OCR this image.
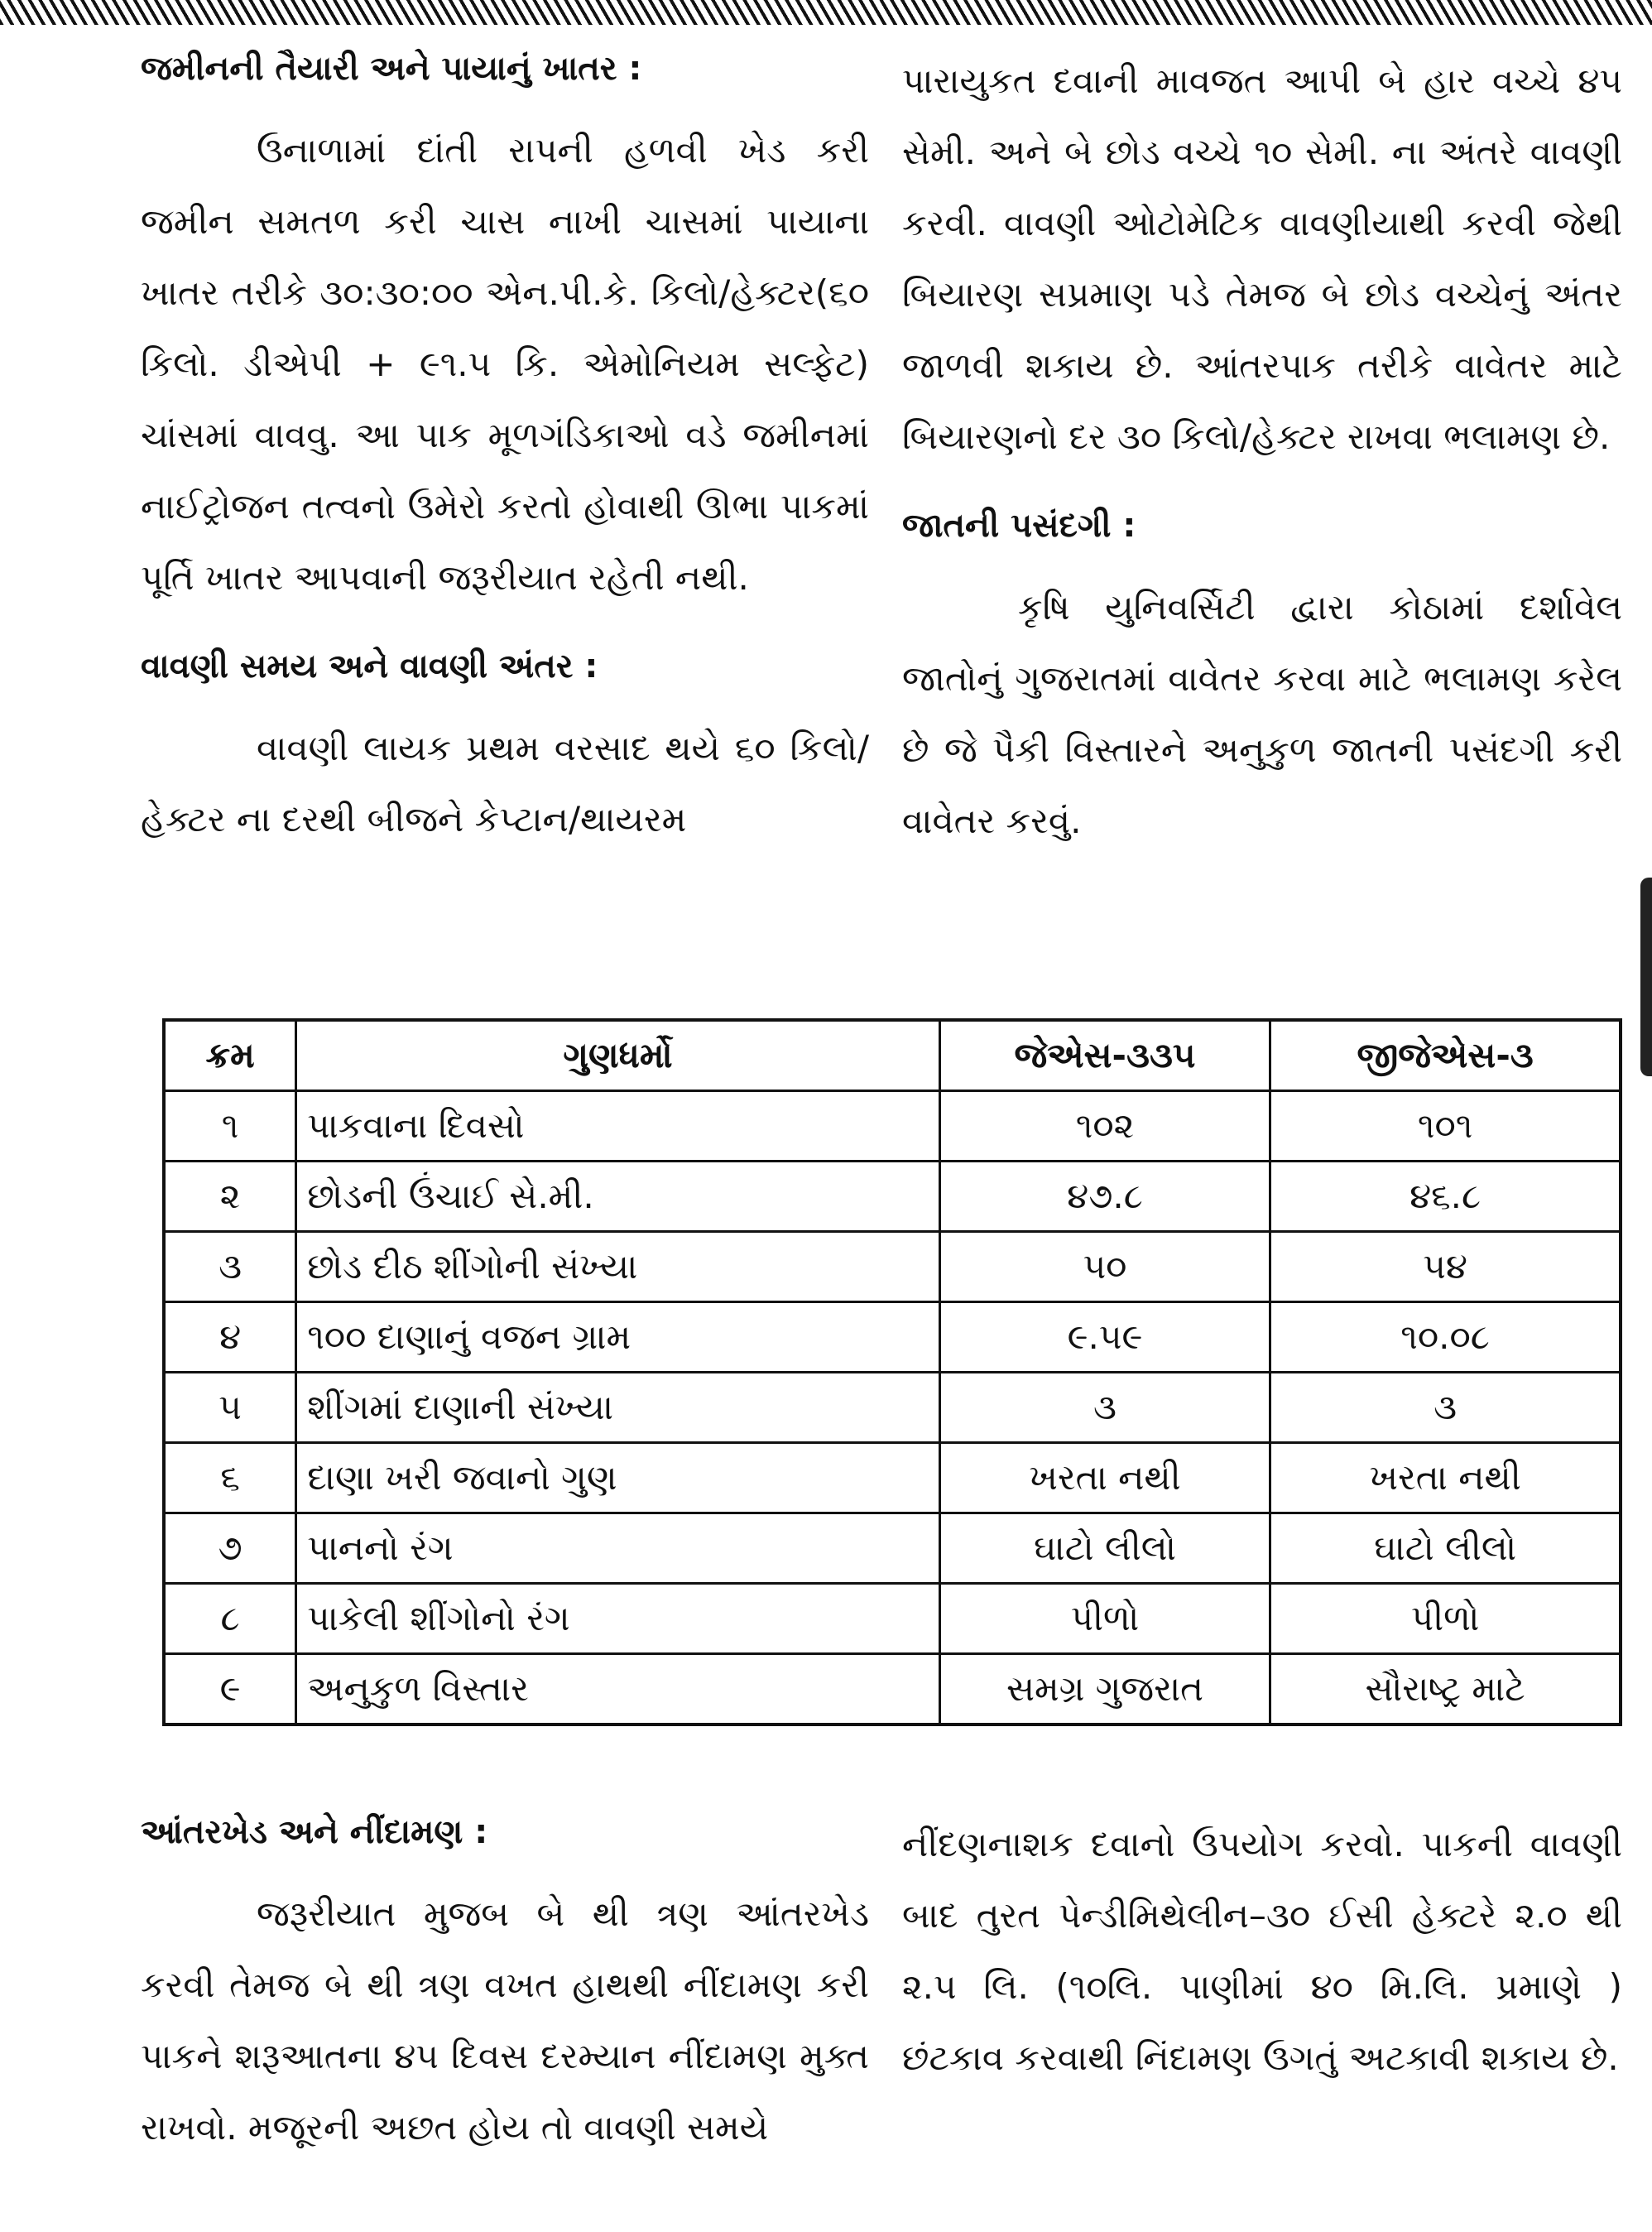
જમીનની તૈયારી અને પાયાનું ખાતર :

ઉનાળામાં દાંતી રાપની હળવી ખેડ કરી જમીન સમતળ કરી ચાસ નાખી ચાસમાં પાયાના ખાતર તરીકે ૩૦:૩૦:૦૦ એન.પી.કે. કિલો/હેક્ટર(૬૦ કિલો. ડીએપી + ૯૧.૫ કિ. એમોનિયમ સલ્ફેટ) ચાંસમાં વાવવુ. આ પાક મૂળગંડિકાઓ વડે જમીનમાં નાઈટ્રોજન તત્વનો ઉમેરો કરતો હોવાથી ઊભા પાકમાં પૂર્તિ ખાતર આપવાની જરૂરીયાત રહેતી નથી.

વાવણી સમય અને વાવણી અંતર :

વાવણી લાયક પ્રથમ વરસાદ થયે ૬૦ કિલો/હેક્ટર ના દરથી બીજને કેપ્ટાન/થાયરમ

પારાયુકત દવાની માવજત આપી બે હાર વચ્ચે ૪૫ સેમી. અને બે છોડ વચ્ચે ૧૦ સેમી. ના અંતરે વાવણી કરવી. વાવણી ઓટોમેટિક વાવણીયાથી કરવી જેથી બિયારણ સપ્રમાણ પડે તેમજ બે છોડ વચ્ચેનું અંતર જાળવી શકાય છે. આંતરપાક તરીકે વાવેતર માટે બિયારણનો દર ૩૦ કિલો/હેક્ટર રાખવા ભલામણ છે.

જાતની પસંદગી :

કૃષિ યુનિવર્સિટી દ્વારા કોઠામાં દર્શાવેલ જાતોનું ગુજરાતમાં વાવેતર કરવા માટે ભલામણ કરેલ છે જે પૈકી વિસ્તારને અનુકુળ જાતની પસંદગી કરી વાવેતર કરવું.

ક્રમ	ગુણધર્મો	જેએસ-૩૩૫	જીજેએસ-૩
૧	પાકવાના દિવસો	૧૦૨	૧૦૧
૨	છોડની ઉંચાઈ સે.મી.	૪૭.૮	૪૬.૮
૩	છોડ દીઠ શીંગોની સંખ્યા	૫૦	૫૪
૪	૧૦૦ દાણાનું વજન ગ્રામ	૯.૫૯	૧૦.૦૮
૫	શીંગમાં દાણાની સંખ્યા	૩	૩
૬	દાણા ખરી જવાનો ગુણ	ખરતા નથી	ખરતા નથી
૭	પાનનો રંગ	ઘાટો લીલો	ઘાટો લીલો
૮	પાકેલી શીંગોનો રંગ	પીળો	પીળો
૯	અનુકુળ વિસ્તાર	સમગ્ર ગુજરાત	સૌરાષ્ટ્ર માટે
આંતરખેડ અને નીંદામણ :

જરૂરીયાત મુજબ બે થી ત્રણ આંતરખેડ કરવી તેમજ બે થી ત્રણ વખત હાથથી નીંદામણ કરી પાકને શરૂઆતના ૪૫ દિવસ દરમ્યાન નીંદામણ મુક્ત રાખવો. મજૂરની અછત હોય તો વાવણી સમયે

નીંદણનાશક દવાનો ઉપયોગ કરવો. પાકની વાવણી બાદ તુરત પેન્ડીમિથેલીન–૩૦ ઈસી હેક્ટરે ૨.૦ થી ૨.૫ લિ. (૧૦લિ. પાણીમાં ૪૦ મિ.લિ. પ્રમાણે ) છંટકાવ કરવાથી નિંદામણ ઉગતું અટકાવી શકાય છે.
